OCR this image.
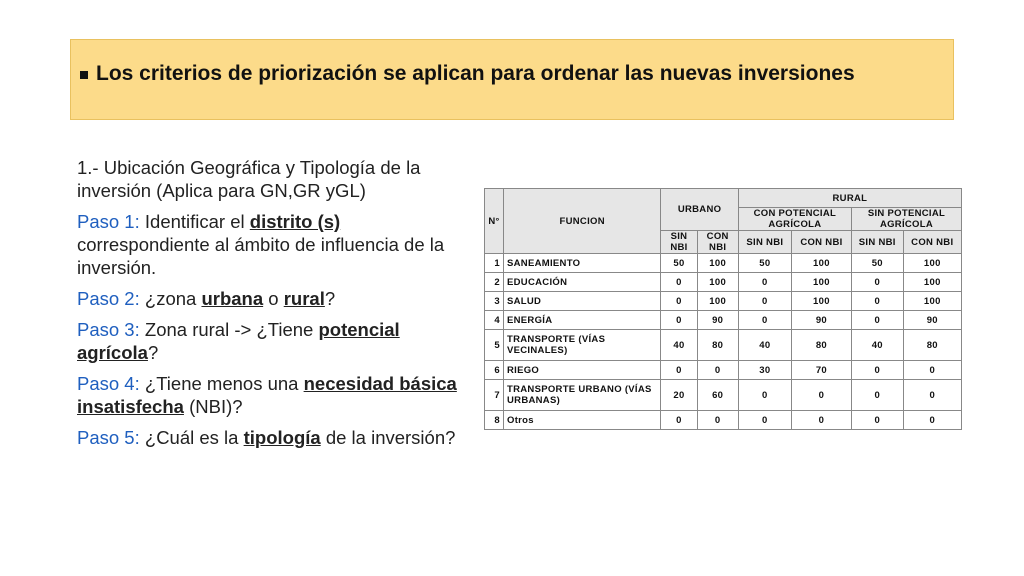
Los criterios de priorización se aplican para ordenar las nuevas inversiones

1.- Ubicación Geográfica y Tipología de la inversión (Aplica para GN,GR yGL)

Paso 1: Identificar el distrito (s) correspondiente al ámbito de influencia de la inversión.

Paso 2: ¿zona urbana o rural?

Paso 3: Zona rural -> ¿Tiene potencial agrícola?

Paso 4: ¿Tiene menos una necesidad básica insatisfecha (NBI)?

Paso 5: ¿Cuál es la tipología de la inversión?

N°	FUNCION	URBANO		RURAL			
				CON POTENCIAL AGRÍCOLA		SIN POTENCIAL AGRÍCOLA	
		SIN NBI	CON NBI	SIN NBI	CON NBI	SIN NBI	CON NBI
1	SANEAMIENTO	50	100	50	100	50	100
2	EDUCACIÓN	0	100	0	100	0	100
3	SALUD	0	100	0	100	0	100
4	ENERGÍA	0	90	0	90	0	90
5	TRANSPORTE (VÍAS VECINALES)	40	80	40	80	40	80
6	RIEGO	0	0	30	70	0	0
7	TRANSPORTE URBANO (VÍAS URBANAS)	20	60	0	0	0	0
8	Otros	0	0	0	0	0	0
